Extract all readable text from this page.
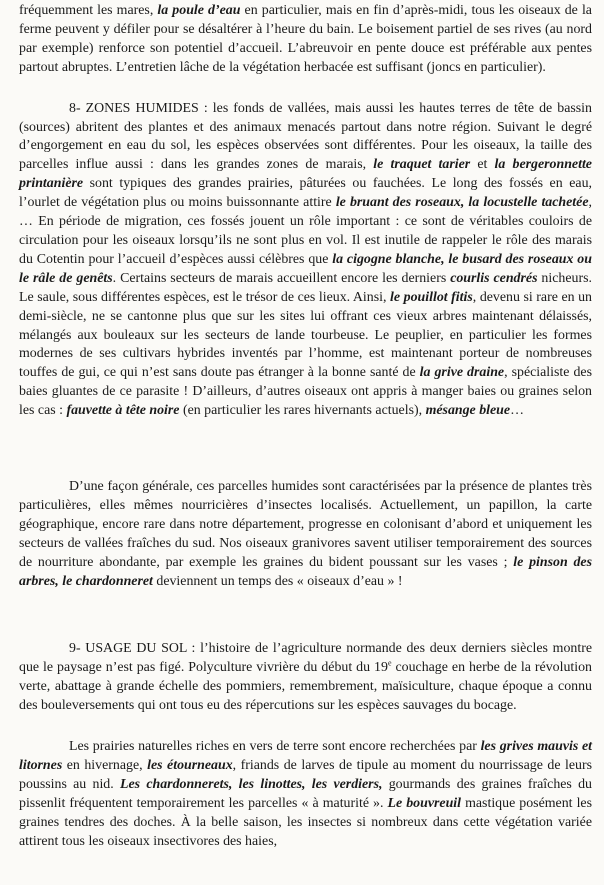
fréquemment les mares, la poule d’eau en particulier, mais en fin d’après-midi, tous les oiseaux de la ferme peuvent y défiler pour se désaltérer à l’heure du bain. Le boisement partiel de ses rives (au nord par exemple) renforce son potentiel d’accueil. L’abreuvoir en pente douce est préférable aux pentes partout abruptes. L’entretien lâche de la végétation herbacée est suffisant (joncs en particulier).

8- ZONES HUMIDES : les fonds de vallées, mais aussi les hautes terres de tête de bassin (sources) abritent des plantes et des animaux menacés partout dans notre région. Suivant le degré d’engorgement en eau du sol, les espèces observées sont différentes. Pour les oiseaux, la taille des parcelles influe aussi : dans les grandes zones de marais, le traquet tarier et la bergeronnette printanière sont typiques des grandes prairies, pâturées ou fauchées. Le long des fossés en eau, l’ourlet de végétation plus ou moins buissonnante attire le bruant des roseaux, la locustelle tachetée, … En période de migration, ces fossés jouent un rôle important : ce sont de véritables couloirs de circulation pour les oiseaux lorsqu’ils ne sont plus en vol. Il est inutile de rappeler le rôle des marais du Cotentin pour l’accueil d’espèces aussi célèbres que la cigogne blanche, le busard des roseaux ou le râle de genêts. Certains secteurs de marais accueillent encore les derniers courlis cendrés nicheurs. Le saule, sous différentes espèces, est le trésor de ces lieux. Ainsi, le pouillot fitis, devenu si rare en un demi-siècle, ne se cantonne plus que sur les sites lui offrant ces vieux arbres maintenant délaissés, mélangés aux bouleaux sur les secteurs de lande tourbeuse. Le peuplier, en particulier les formes modernes de ses cultivars hybrides inventés par l’homme, est maintenant porteur de nombreuses touffes de gui, ce qui n’est sans doute pas étranger à la bonne santé de la grive draine, spécialiste des baies gluantes de ce parasite ! D’ailleurs, d’autres oiseaux ont appris à manger baies ou graines selon les cas : fauvette à tête noire (en particulier les rares hivernants actuels), mésange bleue…

D’une façon générale, ces parcelles humides sont caractérisées par la présence de plantes très particulières, elles mêmes nourricières d’insectes localisés. Actuellement, un papillon, la carte géographique, encore rare dans notre département, progresse en colonisant d’abord et uniquement les secteurs de vallées fraîches du sud. Nos oiseaux granivores savent utiliser temporairement des sources de nourriture abondante, par exemple les graines du bident poussant sur les vases ; le pinson des arbres, le chardonneret deviennent un temps des « oiseaux d’eau » !

9- USAGE DU SOL : l’histoire de l’agriculture normande des deux derniers siècles montre que le paysage n’est pas figé. Polyculture vivrière du début du 19e couchage en herbe de la révolution verte, abattage à grande échelle des pommiers, remembrement, maïsiculture, chaque époque a connu des bouleversements qui ont tous eu des répercutions sur les espèces sauvages du bocage.

Les prairies naturelles riches en vers de terre sont encore recherchées par les grives mauvis et litornes en hivernage, les étourneaux, friands de larves de tipule au moment du nourrissage de leurs poussins au nid. Les chardonnerets, les linottes, les verdiers, gourmands des graines fraîches du pissenlit fréquentent temporairement les parcelles « à maturité ». Le bouvreuil mastique posément les graines tendres des doches. À la belle saison, les insectes si nombreux dans cette végétation variée attirent tous les oiseaux insectivores des haies,
